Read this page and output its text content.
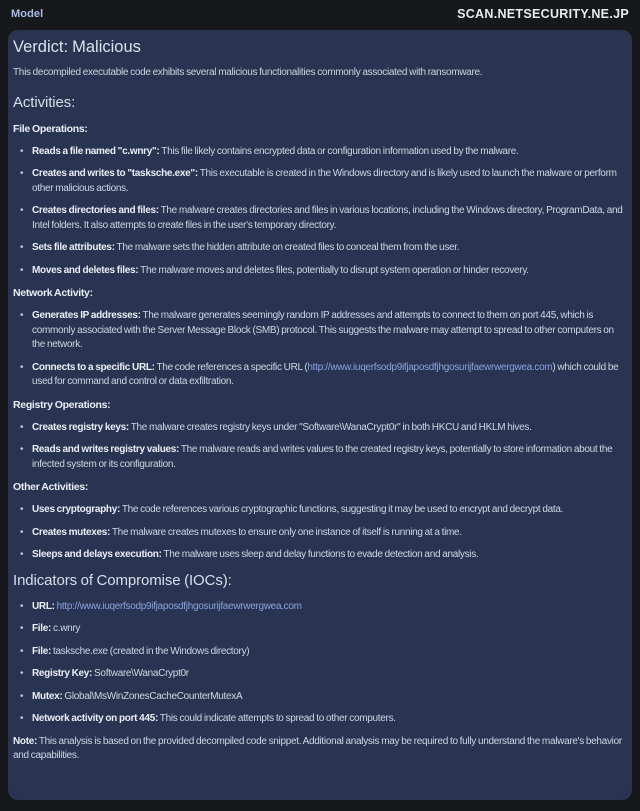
Model	SCAN.NETSECURITY.NE.JP
Verdict: Malicious

This decompiled executable code exhibits several malicious functionalities commonly associated with ransomware.

Activities:
File Operations:
• Reads a file named "c.wnry": This file likely contains encrypted data or configuration information used by the malware.
• Creates and writes to "tasksche.exe": This executable is created in the Windows directory and is likely used to launch the malware or perform other malicious actions.
• Creates directories and files: The malware creates directories and files in various locations, including the Windows directory, ProgramData, and Intel folders. It also attempts to create files in the user's temporary directory.
• Sets file attributes: The malware sets the hidden attribute on created files to conceal them from the user.
• Moves and deletes files: The malware moves and deletes files, potentially to disrupt system operation or hinder recovery.
Network Activity:
• Generates IP addresses: The malware generates seemingly random IP addresses and attempts to connect to them on port 445, which is commonly associated with the Server Message Block (SMB) protocol. This suggests the malware may attempt to spread to other computers on the network.
• Connects to a specific URL: The code references a specific URL (http://www.iuqerfsodp9ifjaposdfjhgosurijfaewrwergwea.com) which could be used for command and control or data exfiltration.
Registry Operations:
• Creates registry keys: The malware creates registry keys under "Software\WanaCrypt0r" in both HKCU and HKLM hives.
• Reads and writes registry values: The malware reads and writes values to the created registry keys, potentially to store information about the infected system or its configuration.
Other Activities:
• Uses cryptography: The code references various cryptographic functions, suggesting it may be used to encrypt and decrypt data.
• Creates mutexes: The malware creates mutexes to ensure only one instance of itself is running at a time.
• Sleeps and delays execution: The malware uses sleep and delay functions to evade detection and analysis.
Indicators of Compromise (IOCs):
• URL: http://www.iuqerfsodp9ifjaposdfjhgosurijfaewrwergwea.com
• File: c.wnry
• File: tasksche.exe (created in the Windows directory)
• Registry Key: Software\WanaCrypt0r
• Mutex: Global\MsWinZonesCacheCounterMutexA
• Network activity on port 445: This could indicate attempts to spread to other computers.

Note: This analysis is based on the provided decompiled code snippet. Additional analysis may be required to fully understand the malware's behavior and capabilities.
